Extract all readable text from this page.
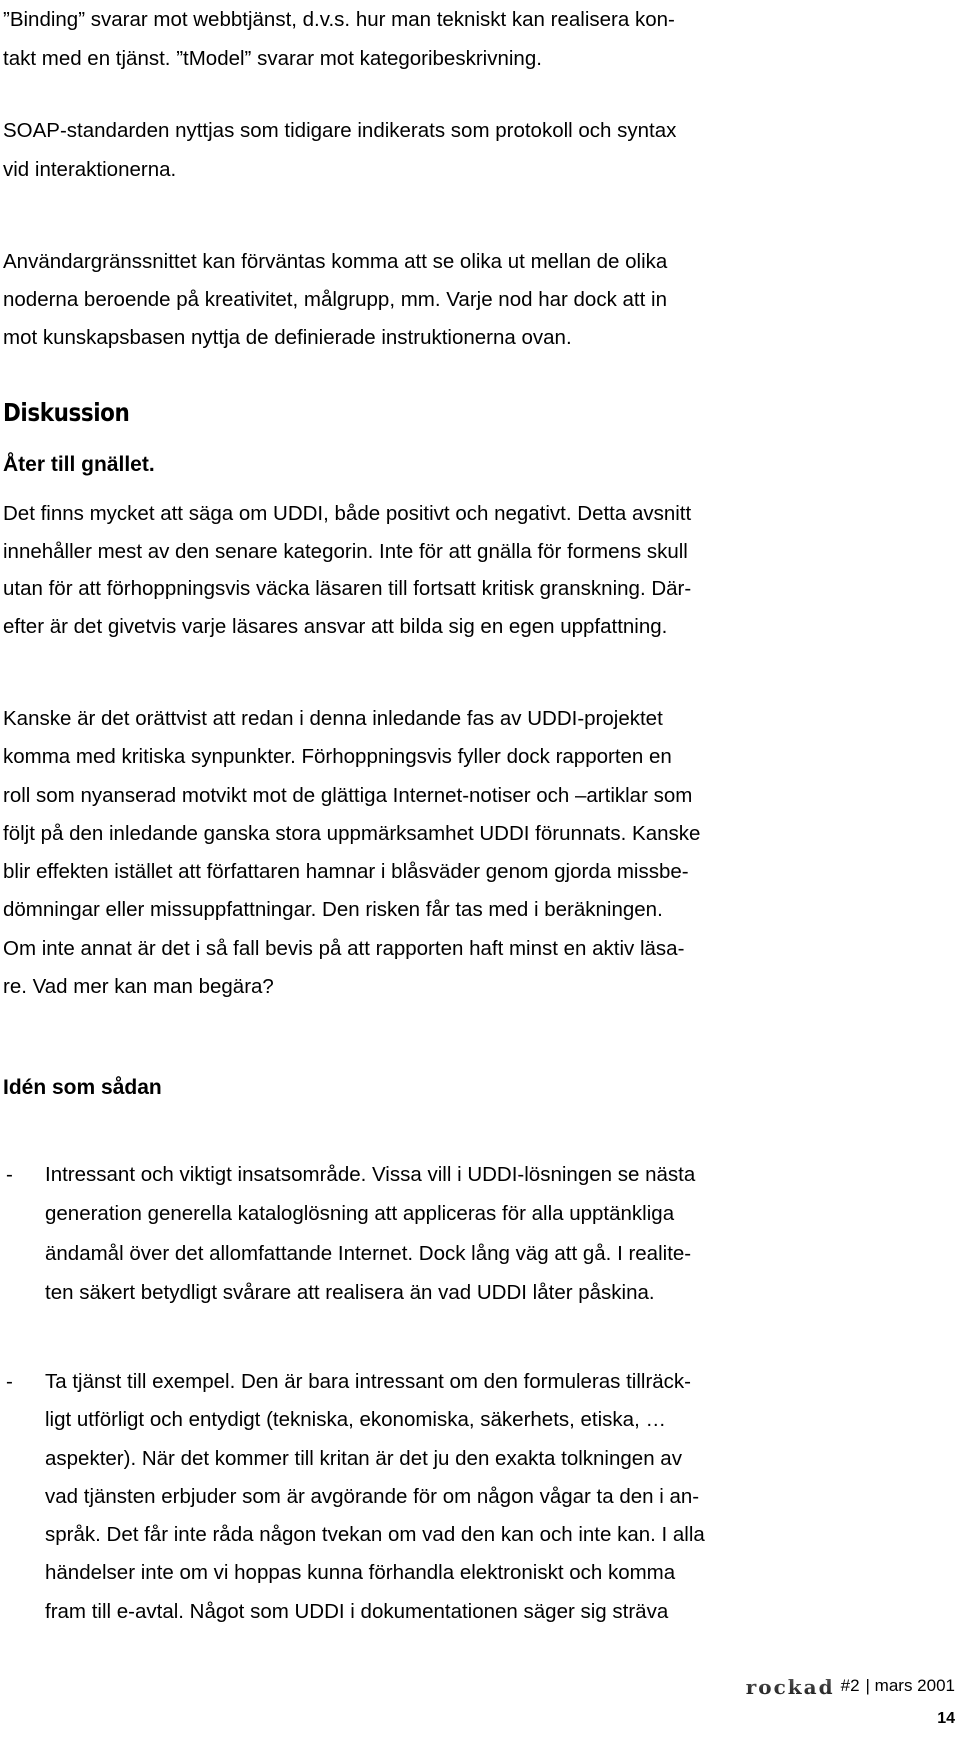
”Binding” svarar mot webbtjänst, d.v.s. hur man tekniskt kan realisera kon-
takt med en tjänst. ”tModel” svarar mot kategoribeskrivning.
SOAP-standarden nyttjas som tidigare indikerats som protokoll och syntax
vid interaktionerna.
Användargränssnittet kan förväntas komma att se olika ut mellan de olika
noderna beroende på kreativitet, målgrupp, mm. Varje nod har dock att in
mot kunskapsbasen nyttja de definierade instruktionerna ovan.
Diskussion
Åter till gnället.
Det finns mycket att säga om UDDI, både positivt och negativt. Detta avsnitt
innehåller mest av den senare kategorin. Inte för att gnälla för formens skull
utan för att förhoppningsvis väcka läsaren till fortsatt kritisk granskning. Där-
efter är det givetvis varje läsares ansvar att bilda sig en egen uppfattning.
Kanske är det orättvist att redan i denna inledande fas av UDDI-projektet
komma med kritiska synpunkter. Förhoppningsvis fyller dock rapporten en
roll som nyanserad motvikt mot de glättiga Internet-notiser och –artiklar som
följt på den inledande ganska stora uppmärksamhet UDDI förunnats. Kanske
blir effekten istället att författaren hamnar i blåsväder genom gjorda missbe-
dömningar eller missuppfattningar. Den risken får tas med i beräkningen.
Om inte annat är det i så fall bevis på att rapporten haft minst en aktiv läsa-
re. Vad mer kan man begära?
Idén som sådan
- Intressant och viktigt insatsområde. Vissa vill i UDDI-lösningen se nästa
generation generella kataloglösning att appliceras för alla upptänkliga
ändamål över det allomfattande Internet. Dock lång väg att gå. I realite-
ten säkert betydligt svårare att realisera än vad UDDI låter påskina.
- Ta tjänst till exempel. Den är bara intressant om den formuleras tillräck-
ligt utförligt och entydigt (tekniska, ekonomiska, säkerhets, etiska, …
aspekter). När det kommer till kritan är det ju den exakta tolkningen av
vad tjänsten erbjuder som är avgörande för om någon vågar ta den i an-
språk. Det får inte råda någon tvekan om vad den kan och inte kan. I alla
händelser inte om vi hoppas kunna förhandla elektroniskt och komma
fram till e-avtal. Något som UDDI i dokumentationen säger sig sträva
rockad #2 | mars 2001
14
